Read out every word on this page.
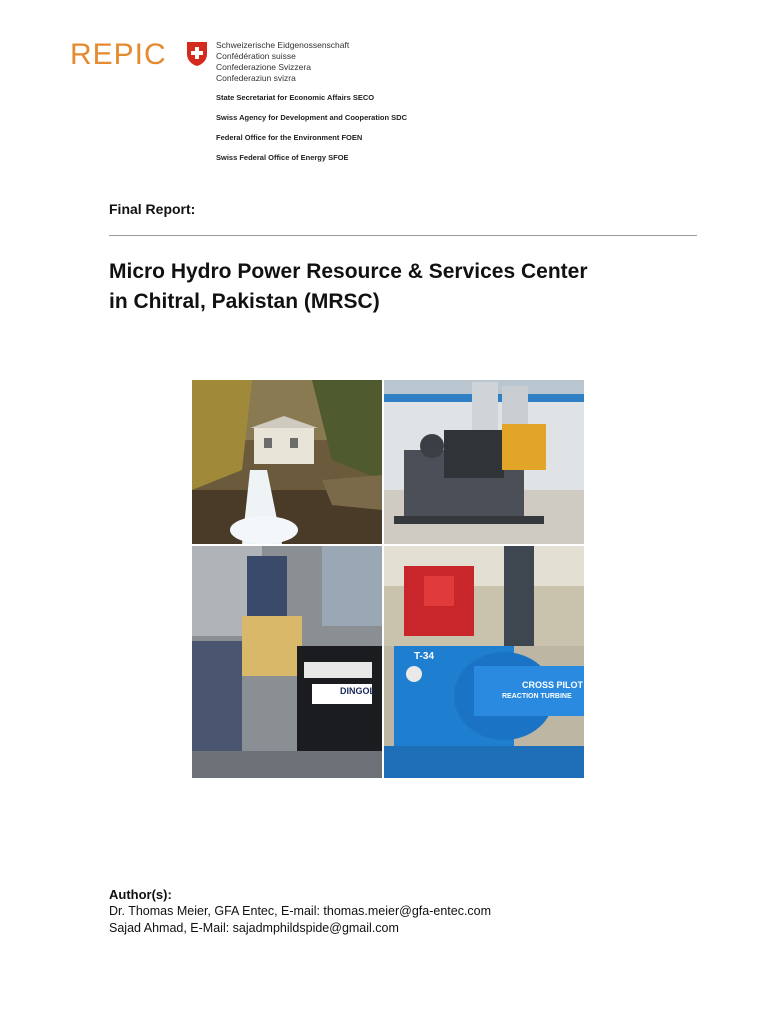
REPIC	Schweizerische Eidgenossenschaft
Confédération suisse
Confederazione Svizzera
Confederaziun svizra
State Secretariat for Economic Affairs SECO
Swiss Agency for Development and Cooperation SDC
Federal Office for the Environment FOEN
Swiss Federal Office of Energy SFOE
Final Report:
Micro Hydro Power Resource & Services Center
in Chitral, Pakistan (MRSC)
DINGOL
T-34
CROSS PILOT
REACTION TURBINE
Author(s):
Dr. Thomas Meier, GFA Entec, E-mail: thomas.meier@gfa-entec.com
Sajad Ahmad, E-Mail: sajadmphildspide@gmail.com
